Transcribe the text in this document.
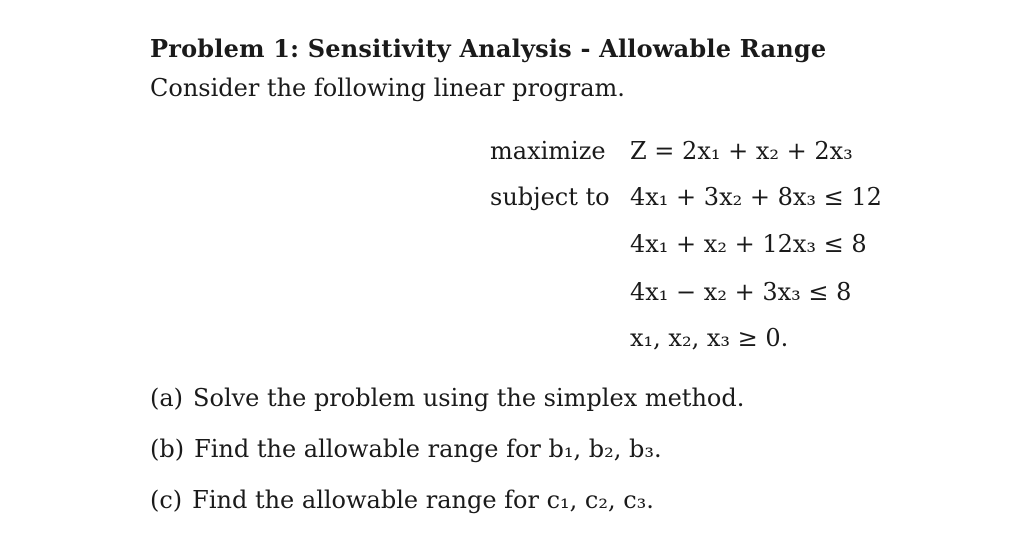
Problem 1: Sensitivity Analysis - Allowable Range
Consider the following linear program.
maximize Z = 2x₁ + x₂ + 2x₃
subject to 4x₁ + 3x₂ + 8x₃ ≤ 12
4x₁ + x₂ + 12x₃ ≤ 8
4x₁ − x₂ + 3x₃ ≤ 8
x₁, x₂, x₃ ≥ 0.
(a) Solve the problem using the simplex method.
(b) Find the allowable range for b₁, b₂, b₃.
(c) Find the allowable range for c₁, c₂, c₃.
